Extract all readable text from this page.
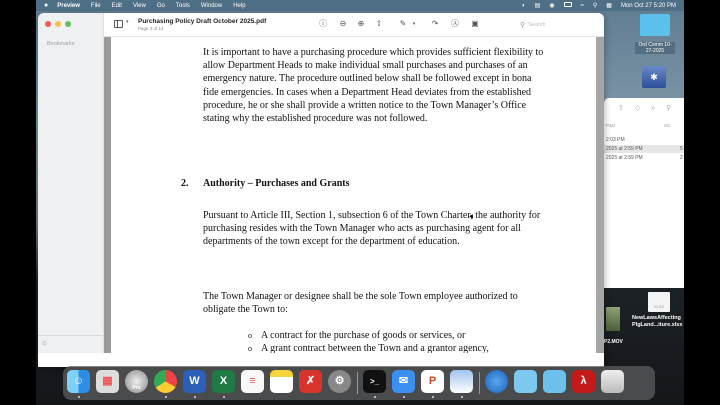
● Preview File Edit View Go Tools Window Help	◐ ▤ ◉	≈ ⚲ ▦ Mon Oct 27 5:20 PM
Ord Comm 10-27-2025
✱
⇧ ◇ » ⚲
Past	Siz
2:03 PM
2025 at 2:59 PM	5
2025 at 2:59 PM	2
XLSX
NewLawsAffecting PlgLand...iture.xlsx
P2.MOV
Bookmarks
⊙
▾ Purchasing Policy Draft October 2025.pdf
Page 3 of 14
ⓘ ⊖ ⊕ ⇧ ✎	▾	↷ Ⓐ ▣	⚲ Search
It is important to have a purchasing procedure which provides sufficient flexibility to allow Department Heads to make individual small purchases and purchases of an emergency nature. The procedure outlined below shall be followed except in bona fide emergencies. In cases when a Department Head deviates from the established procedure, he or she shall provide a written notice to the Town Manager’s Office stating why the established procedure was not followed.
2. Authority – Purchases and Grants
Pursuant to Article III, Section 1, subsection 6 of the Town Charter, the authority for purchasing resides with the Town Manager who acts as purchasing agent for all departments of the town except for the department of education.
The Town Manager or designee shall be the sole Town employee authorized to obligate the Town to:
o A contract for the purchase of goods or services, or
o A grant contract between the Town and a grantor agency,
☺	▦
Pro
W	X	≡	✗	⚙	>_	✉	P	λ
